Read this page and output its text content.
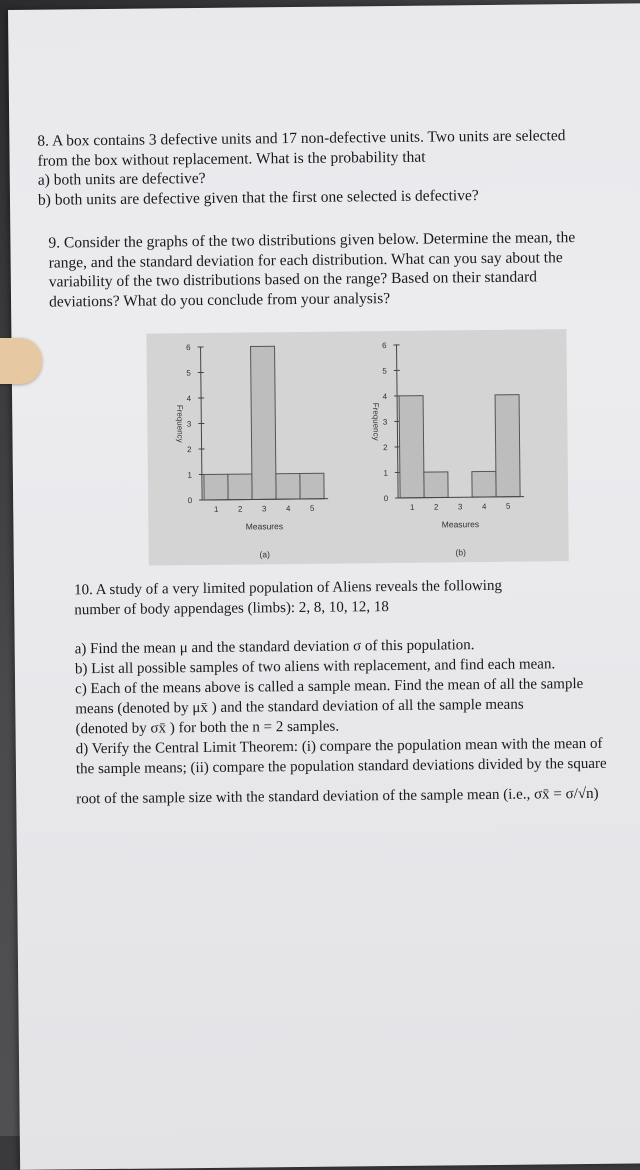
8. A box contains 3 defective units and 17 non-defective units. Two units are selected
from the box without replacement. What is the probability that
a) both units are defective?
b) both units are defective given that the first one selected is defective?
9. Consider the graphs of the two distributions given below. Determine the mean, the
range, and the standard deviation for each distribution. What can you say about the
variability of the two distributions based on the range? Based on their standard
deviations? What do you conclude from your analysis?
0
1
2
3
4
5
6
Frequency
1 2 3 4 5
Measures
(a)
0
1
2
3
4
5
6
Frequency
1 2 3 4 5
Measures
(b)
10. A study of a very limited population of Aliens reveals the following
number of body appendages (limbs): 2, 8, 10, 12, 18
a) Find the mean μ and the standard deviation σ of this population.
b) List all possible samples of two aliens with replacement, and find each mean.
c) Each of the means above is called a sample mean. Find the mean of all the sample
means (denoted by μx̄ ) and the standard deviation of all the sample means
(denoted by σx̄ ) for both the n = 2 samples.
d) Verify the Central Limit Theorem: (i) compare the population mean with the mean of
the sample means; (ii) compare the population standard deviations divided by the square
root of the sample size with the standard deviation of the sample mean (i.e., σx̄ = σ/√n)
